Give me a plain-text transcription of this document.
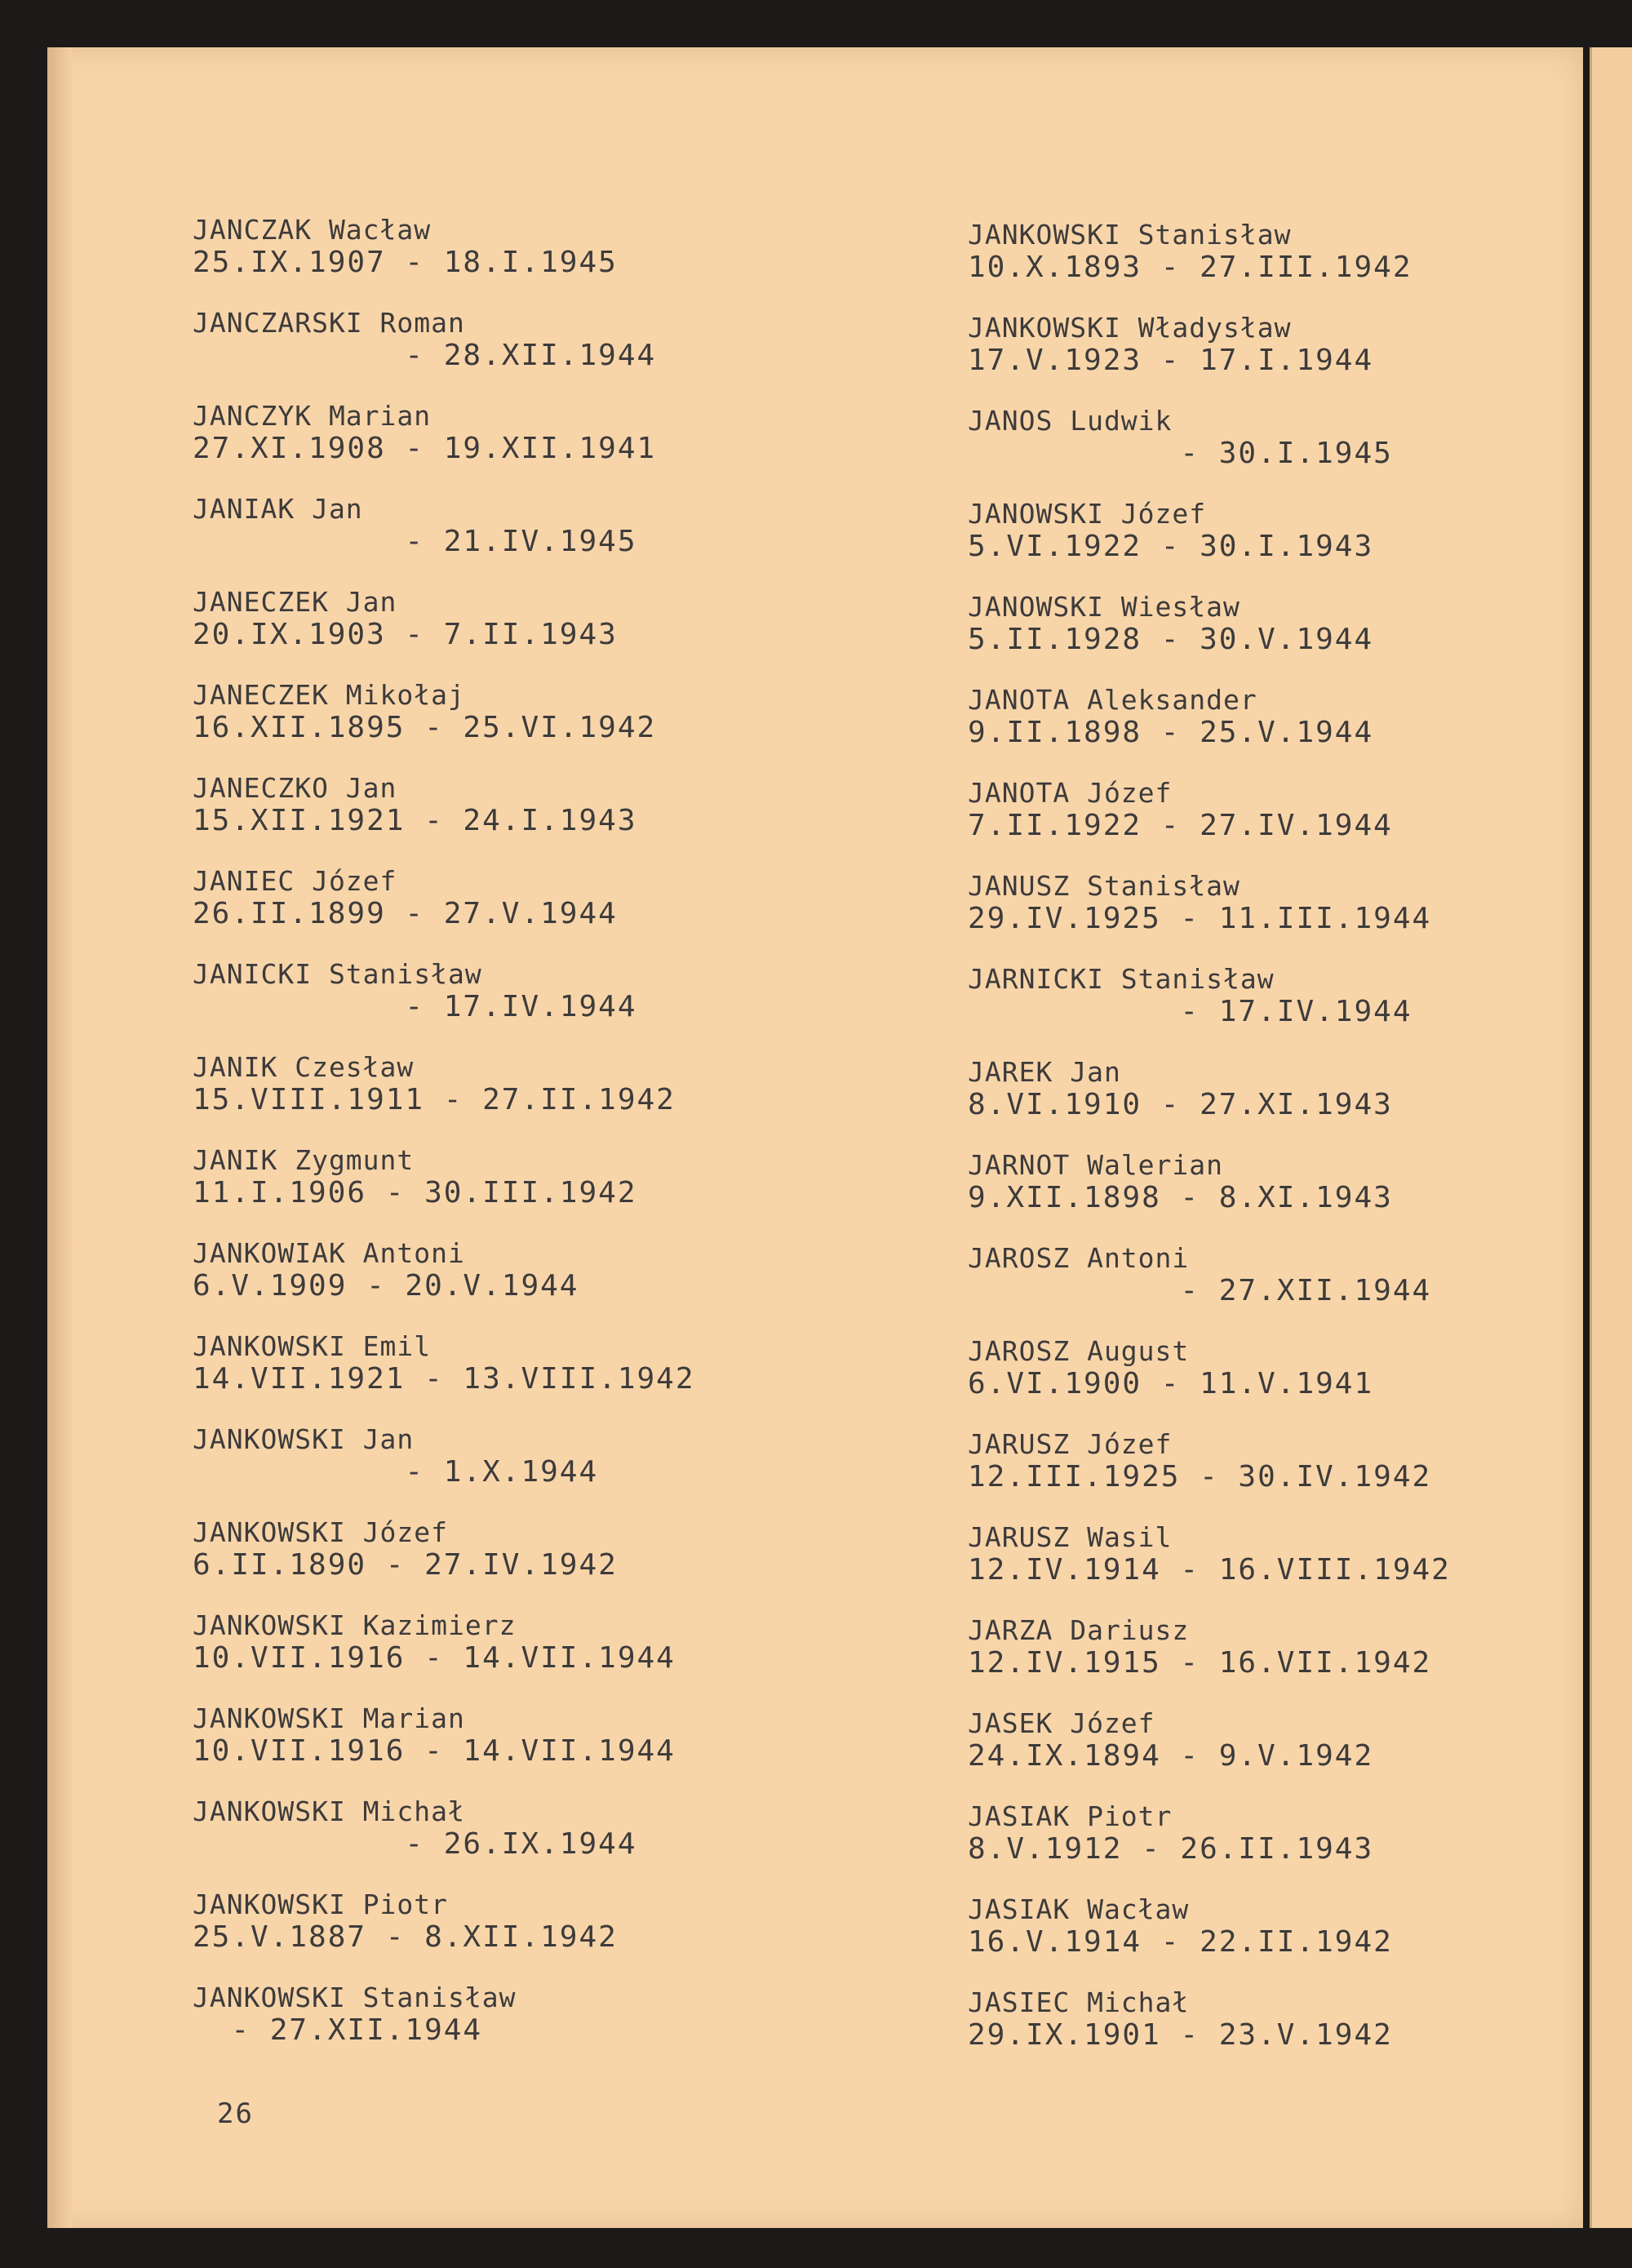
JANCZAK Wacław
25.IX.1907 - 18.I.1945
JANCZARSKI Roman
- 28.XII.1944
JANCZYK Marian
27.XI.1908 - 19.XII.1941
JANIAK Jan
- 21.IV.1945
JANECZEK Jan
20.IX.1903 - 7.II.1943
JANECZEK Mikołaj
16.XII.1895 - 25.VI.1942
JANECZKO Jan
15.XII.1921 - 24.I.1943
JANIEC Józef
26.II.1899 - 27.V.1944
JANICKI Stanisław
- 17.IV.1944
JANIK Czesław
15.VIII.1911 - 27.II.1942
JANIK Zygmunt
11.I.1906 - 30.III.1942
JANKOWIAK Antoni
6.V.1909 - 20.V.1944
JANKOWSKI Emil
14.VII.1921 - 13.VIII.1942
JANKOWSKI Jan
- 1.X.1944
JANKOWSKI Józef
6.II.1890 - 27.IV.1942
JANKOWSKI Kazimierz
10.VII.1916 - 14.VII.1944
JANKOWSKI Marian
10.VII.1916 - 14.VII.1944
JANKOWSKI Michał
- 26.IX.1944
JANKOWSKI Piotr
25.V.1887 - 8.XII.1942
JANKOWSKI Stanisław
- 27.XII.1944
JANKOWSKI Stanisław
10.X.1893 - 27.III.1942
JANKOWSKI Władysław
17.V.1923 - 17.I.1944
JANOS Ludwik
- 30.I.1945
JANOWSKI Józef
5.VI.1922 - 30.I.1943
JANOWSKI Wiesław
5.II.1928 - 30.V.1944
JANOTA Aleksander
9.II.1898 - 25.V.1944
JANOTA Józef
7.II.1922 - 27.IV.1944
JANUSZ Stanisław
29.IV.1925 - 11.III.1944
JARNICKI Stanisław
- 17.IV.1944
JAREK Jan
8.VI.1910 - 27.XI.1943
JARNOT Walerian
9.XII.1898 - 8.XI.1943
JAROSZ Antoni
- 27.XII.1944
JAROSZ August
6.VI.1900 - 11.V.1941
JARUSZ Józef
12.III.1925 - 30.IV.1942
JARUSZ Wasil
12.IV.1914 - 16.VIII.1942
JARZA Dariusz
12.IV.1915 - 16.VII.1942
JASEK Józef
24.IX.1894 - 9.V.1942
JASIAK Piotr
8.V.1912 - 26.II.1943
JASIAK Wacław
16.V.1914 - 22.II.1942
JASIEC Michał
29.IX.1901 - 23.V.1942
26
